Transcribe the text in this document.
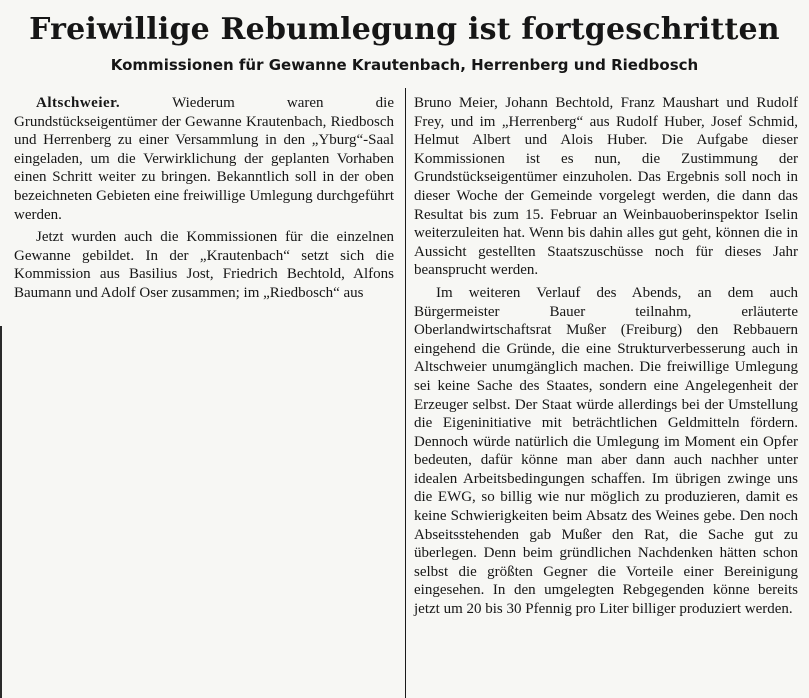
Freiwillige Rebumlegung ist fortgeschritten
Kommissionen für Gewanne Krautenbach, Herrenberg und Riedbosch

Altschweier.	Wiederum waren die Grundstückseigentümer der Gewanne Krautenbach, Riedbosch und Herrenberg zu einer Versammlung in den „Yburg“-Saal eingeladen, um die Verwirklichung der geplanten Vorhaben einen Schritt weiter zu bringen. Bekanntlich soll in der oben bezeichneten Gebieten eine freiwillige Umlegung durchgeführt werden.

Jetzt wurden auch die Kommissionen für die einzelnen Gewanne gebildet. In der „Krautenbach“ setzt sich die Kommission aus Basilius Jost, Friedrich Bechtold, Alfons Baumann und Adolf Oser zusammen; im „Riedbosch“ aus

Bruno Meier, Johann Bechtold, Franz Maushart und Rudolf Frey, und im „Herrenberg“ aus Rudolf Huber, Josef Schmid, Helmut Albert und Alois Huber. Die Aufgabe dieser Kommissionen ist es nun, die Zustimmung der Grundstückseigentümer einzuholen. Das Ergebnis soll noch in dieser Woche der Gemeinde vorgelegt werden, die dann das Resultat bis zum 15. Februar an Weinbauoberinspektor Iselin weiterzuleiten hat. Wenn bis dahin alles gut geht, können die in Aussicht gestellten Staatszuschüsse noch für dieses Jahr beansprucht werden.

Im weiteren Verlauf des Abends, an dem auch Bürgermeister Bauer teilnahm, erläuterte Oberlandwirtschaftsrat Mußer (Freiburg) den Rebbauern eingehend die Gründe, die eine Strukturverbesserung auch in Altschweier unumgänglich machen. Die freiwillige Umlegung sei keine Sache des Staates, sondern eine Angelegenheit der Erzeuger selbst. Der Staat würde allerdings bei der Umstellung die Eigeninitiative mit beträchtlichen Geldmitteln fördern. Dennoch würde natürlich die Umlegung im Moment ein Opfer bedeuten, dafür könne man aber dann auch nachher unter idealen Arbeitsbedingungen schaffen. Im übrigen zwinge uns die EWG, so billig wie nur möglich zu produzieren, damit es keine Schwierigkeiten beim Absatz des Weines gebe. Den noch Abseitsstehenden gab Mußer den Rat, die Sache gut zu überlegen. Denn beim gründlichen Nachdenken hätten schon selbst die größten Gegner die Vorteile einer Bereinigung eingesehen. In den umgelegten Rebgegenden könne bereits jetzt um 20 bis 30 Pfennig pro Liter billiger produziert werden.
